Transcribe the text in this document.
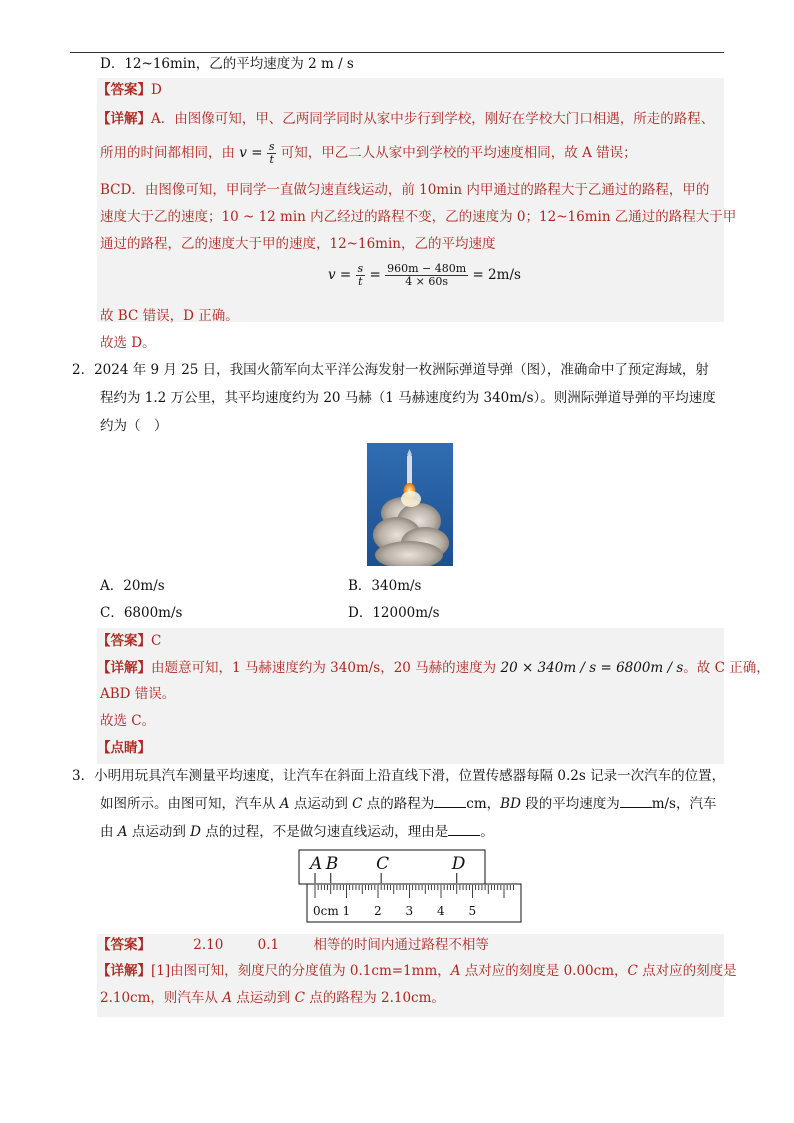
D．12~16min，乙的平均速度为 2 m / s
【答案】D
【详解】A．由图像可知，甲、乙两同学同时从家中步行到学校，刚好在学校大门口相遇，所走的路程、
所用的时间都相同，由 $v = \frac{s}{t}$ 可知，甲乙二人从家中到学校的平均速度相同，故 A 错误；
BCD．由图像可知，甲同学一直做匀速直线运动，前 10min 内甲通过的路程大于乙通过的路程，甲的
速度大于乙的速度；10 ~ 12 min 内乙经过的路程不变，乙的速度为 0；12~16min 乙通过的路程大于甲
通过的路程，乙的速度大于甲的速度，12~16min，乙的平均速度
$v = \frac{s}{t} = \frac{960m - 480m}{4 \times 60s} = 2m/s$
故 BC 错误，D 正确。
故选 D。
2．2024 年 9 月 25 日，我国火箭军向太平洋公海发射一枚洲际弹道导弹（图），准确命中了预定海域，射
程约为 1.2 万公里，其平均速度约为 20 马赫（1 马赫速度约为 340m/s）。则洲际弹道导弹的平均速度
约为（　）
A．20m/s	B．340m/s
C．6800m/s	D．12000m/s
【答案】C
【详解】由题意可知，1 马赫速度约为 340m/s，20 马赫的速度为 20 × 340m / s = 6800m / s。故 C 正确，
ABD 错误。
故选 C。
【点睛】
3．小明用玩具汽车测量平均速度，让汽车在斜面上沿直线下滑，位置传感器每隔 0.2s 记录一次汽车的位置，
如图所示。由图可知，汽车从 A 点运动到 C 点的路程为 cm，BD 段的平均速度为 m/s，汽车
由 A 点运动到 D 点的过程，不是做匀速直线运动，理由是 。
0cm 1 2 3 4 5
A B C	D
【答案】	2.10	0.1	相等的时间内通过路程不相等
【详解】[1]由图可知，刻度尺的分度值为 0.1cm=1mm，A 点对应的刻度是 0.00cm，C 点对应的刻度是
2.10cm，则汽车从 A 点运动到 C 点的路程为 2.10cm。
